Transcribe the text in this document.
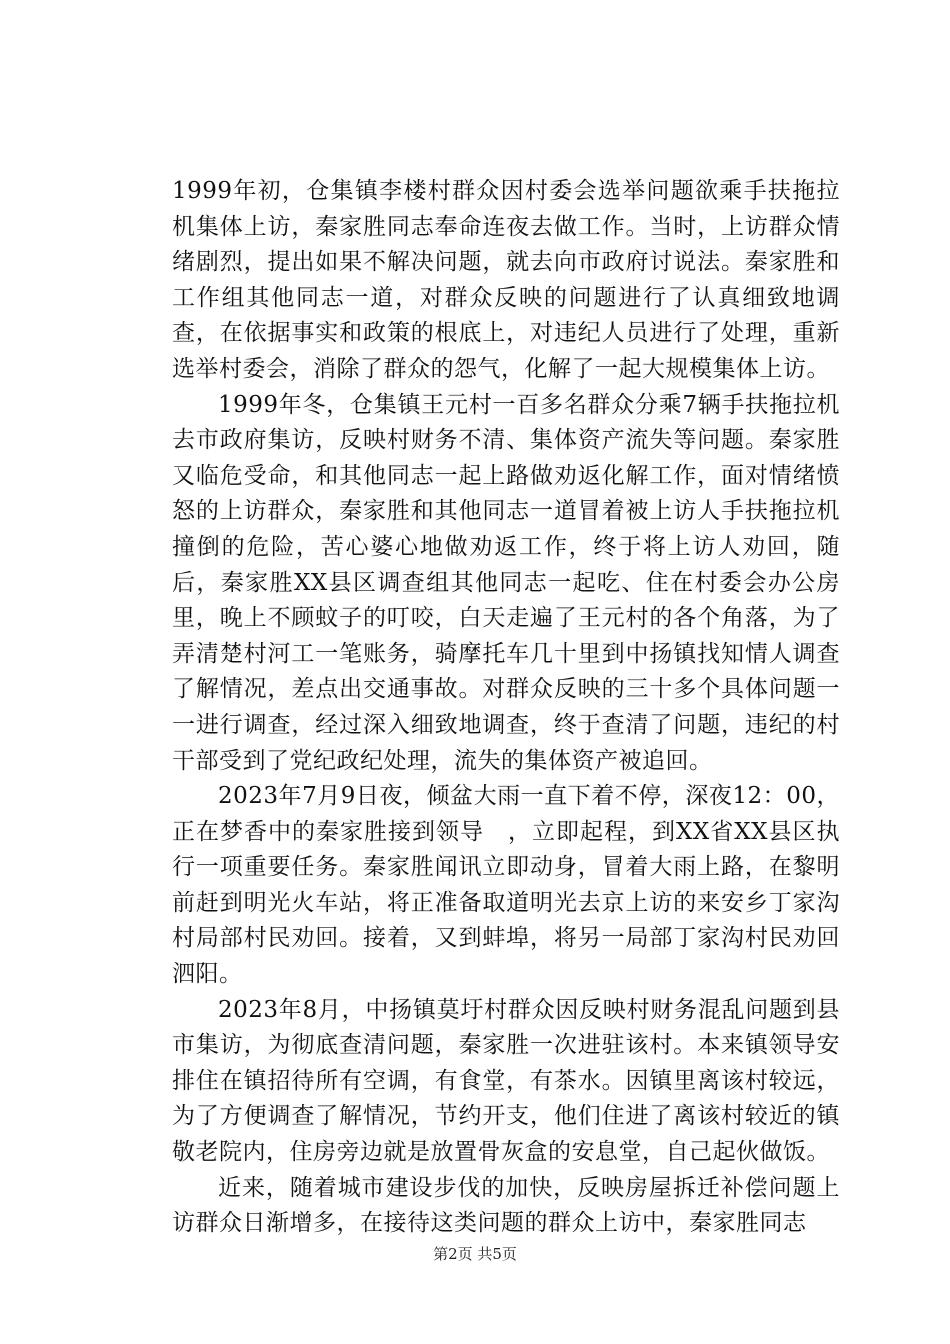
1999年初，仓集镇李楼村群众因村委会选举问题欲乘手扶拖拉机集体上访，秦家胜同志奉命连夜去做工作。当时，上访群众情绪剧烈，提出如果不解决问题，就去向市政府讨说法。秦家胜和工作组其他同志一道，对群众反映的问题进行了认真细致地调查，在依据事实和政策的根底上，对违纪人员进行了处理，重新选举村委会，消除了群众的怨气，化解了一起大规模集体上访。

1999年冬，仓集镇王元村一百多名群众分乘7辆手扶拖拉机去市政府集访，反映村财务不清、集体资产流失等问题。秦家胜又临危受命，和其他同志一起上路做劝返化解工作，面对情绪愤怒的上访群众，秦家胜和其他同志一道冒着被上访人手扶拖拉机撞倒的危险，苦心婆心地做劝返工作，终于将上访人劝回，随后，秦家胜XX县区调查组其他同志一起吃、住在村委会办公房里，晚上不顾蚊子的叮咬，白天走遍了王元村的各个角落，为了弄清楚村河工一笔账务，骑摩托车几十里到中扬镇找知情人调查了解情况，差点出交通事故。对群众反映的三十多个具体问题一一进行调查，经过深入细致地调查，终于查清了问题，违纪的村干部受到了党纪政纪处理，流失的集体资产被追回。

2023年7月9日夜，倾盆大雨一直下着不停，深夜12：00，正在梦香中的秦家胜接到领导　，立即起程，到XX省XX县区执行一项重要任务。秦家胜闻讯立即动身，冒着大雨上路，在黎明前赶到明光火车站，将正准备取道明光去京上访的来安乡丁家沟村局部村民劝回。接着，又到蚌埠，将另一局部丁家沟村民劝回泗阳。

2023年8月，中扬镇莫圩村群众因反映村财务混乱问题到县市集访，为彻底查清问题，秦家胜一次进驻该村。本来镇领导安排住在镇招待所有空调，有食堂，有茶水。因镇里离该村较远，为了方便调查了解情况，节约开支，他们住进了离该村较近的镇敬老院内，住房旁边就是放置骨灰盒的安息堂，自己起伙做饭。

近来，随着城市建设步伐的加快，反映房屋拆迁补偿问题上访群众日渐增多，在接待这类问题的群众上访中，秦家胜同志

第2页 共5页
